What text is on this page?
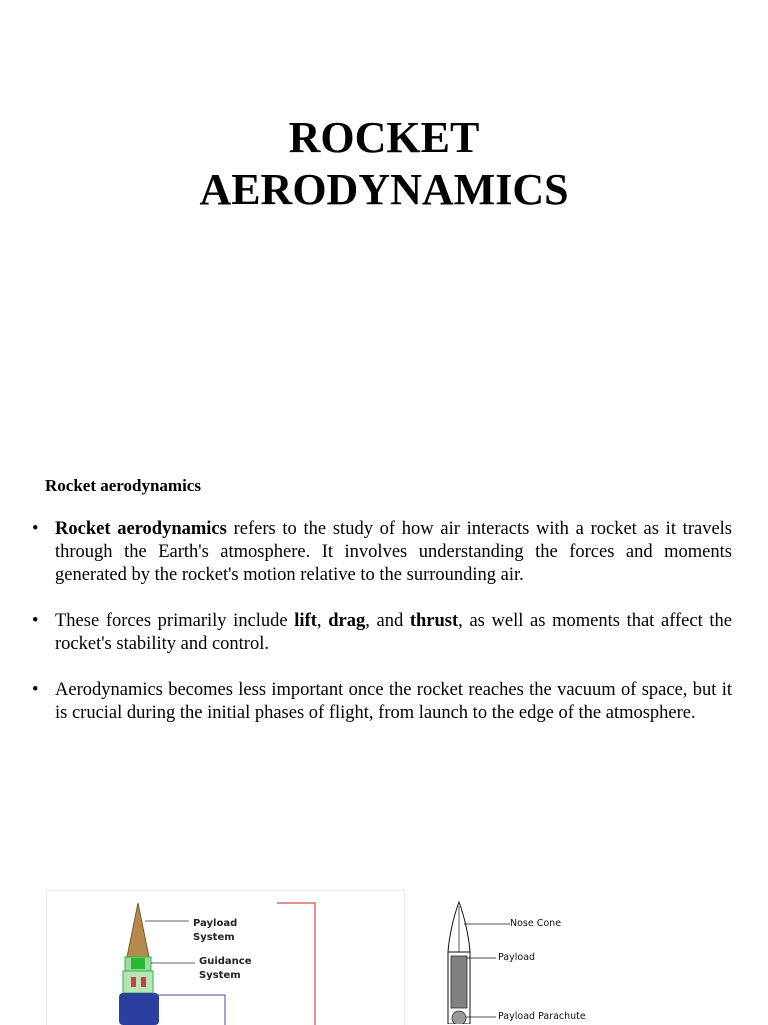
ROCKET
AERODYNAMICS
Rocket aerodynamics
• Rocket aerodynamics refers to the study of how air interacts with a rocket as it travels through the Earth's atmosphere. It involves understanding the forces and moments generated by the rocket's motion relative to the surrounding air.
• These forces primarily include lift, drag, and thrust, as well as moments that affect the rocket's stability and control.
• Aerodynamics becomes less important once the rocket reaches the vacuum of space, but it is crucial during the initial phases of flight, from launch to the edge of the atmosphere.
Payload
System
Guidance
System
Nose Cone
Payload
Payload Parachute
